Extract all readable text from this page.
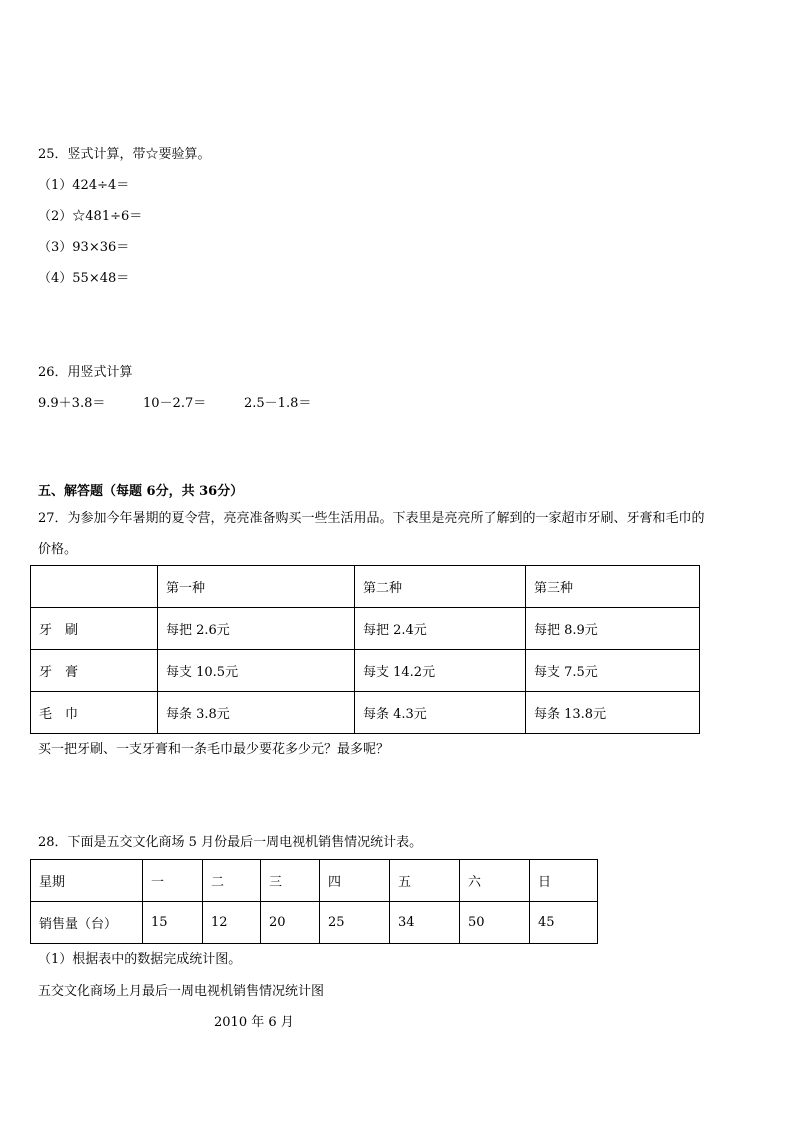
25．竖式计算，带☆要验算。
（1）424÷4＝
（2）☆481÷6＝
（3）93×36＝
（4）55×48＝
26．用竖式计算
9.9＋3.8＝	10－2.7＝	2.5－1.8＝
五、解答题（每题 6分，共 36分）
27．为参加今年暑期的夏令营，亮亮准备购买一些生活用品。下表里是亮亮所了解到的一家超市牙刷、牙膏和毛巾的
价格。
	第一种	第二种	第三种
牙　刷	每把 2.6元	每把 2.4元	每把 8.9元
牙　膏	每支 10.5元	每支 14.2元	每支 7.5元
毛　巾	每条 3.8元	每条 4.3元	每条 13.8元
买一把牙刷、一支牙膏和一条毛巾最少要花多少元？最多呢？
28．下面是五交文化商场 5 月份最后一周电视机销售情况统计表。
星期	一	二	三	四	五	六	日
销售量（台）	15	12	20	25	34	50	45
（1）根据表中的数据完成统计图。
五交文化商场上月最后一周电视机销售情况统计图
2010 年 6 月
